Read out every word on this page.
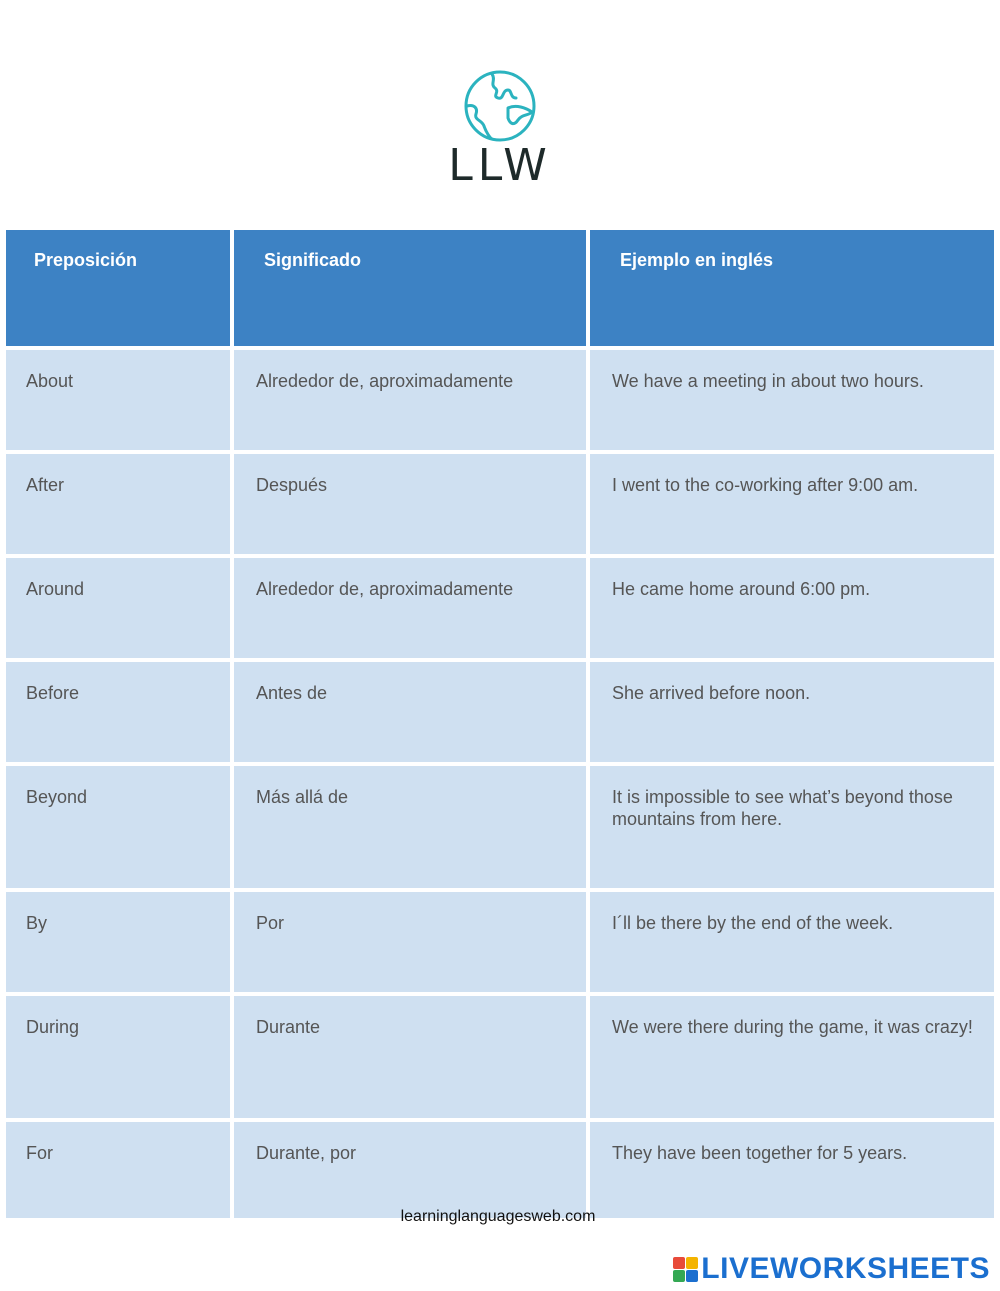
LLW
Preposición	Significado	Ejemplo en inglés
About	Alrededor de, aproximadamente	We have a meeting in about two hours.
After	Después	I went to the co-working after 9:00 am.
Around	Alrededor de, aproximadamente	He came home around 6:00 pm.
Before	Antes de	She arrived before noon.
Beyond	Más allá de	It is impossible to see what’s beyond those mountains from here.
By	Por	I´ll be there by the end of the week.
During	Durante	We were there during the game, it was crazy!
For	Durante, por	They have been together for 5 years.
learninglanguagesweb.com
LIVEWORKSHEETS
